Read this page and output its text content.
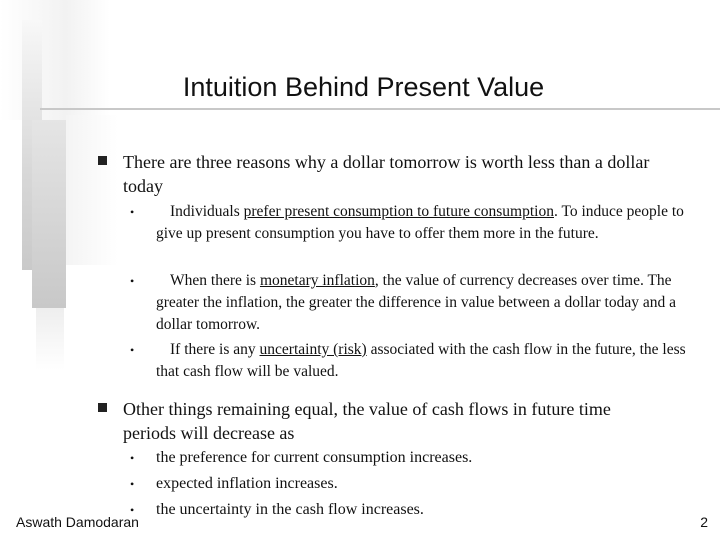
Intuition Behind Present Value
There are three reasons why a dollar tomorrow is worth less than a dollar today
•	Individuals prefer present consumption to future consumption. To induce people to give up present consumption you have to offer them more in the future.
•	When there is monetary inflation, the value of currency decreases over time. The greater the inflation, the greater the difference in value between a dollar today and a dollar tomorrow.
•	If there is any uncertainty (risk) associated with the cash flow in the future, the less that cash flow will be valued.
Other things remaining equal, the value of cash flows in future time periods will decrease as
• the preference for current consumption increases.
• expected inflation increases.
• the uncertainty in the cash flow increases.
Aswath Damodaran	2
